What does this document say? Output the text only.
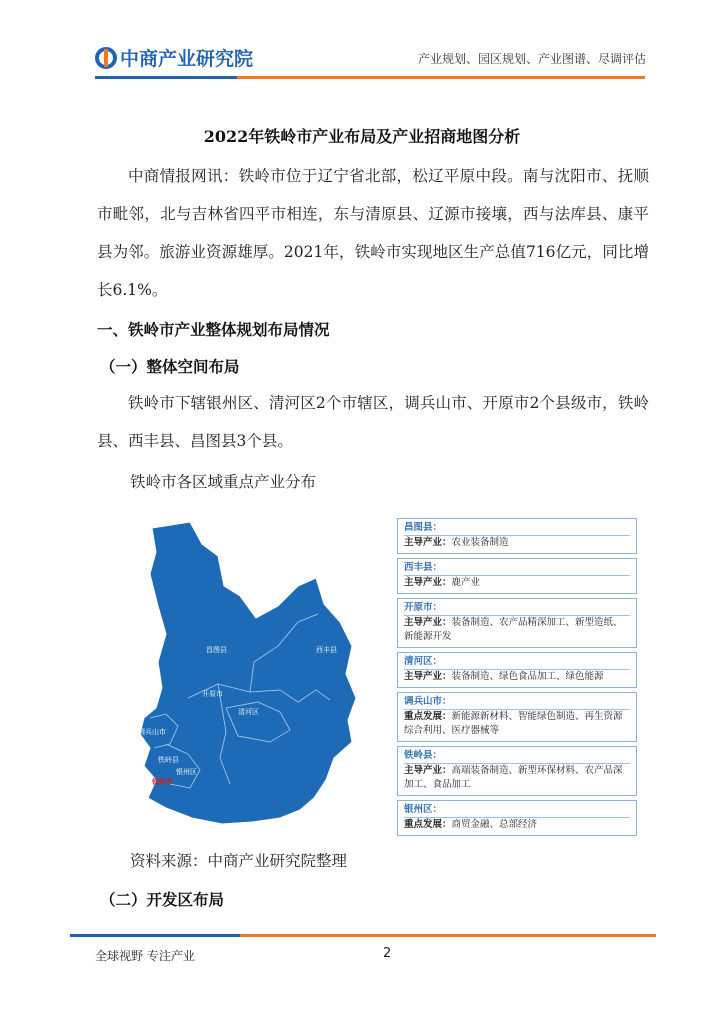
中商产业研究院	产业规划、园区规划、产业图谱、尽调评估
2022年铁岭市产业布局及产业招商地图分析
中商情报网讯：铁岭市位于辽宁省北部，松辽平原中段。南与沈阳市、抚顺市毗邻，北与吉林省四平市相连，东与清原县、辽源市接壤，西与法库县、康平县为邻。旅游业资源雄厚。2021年，铁岭市实现地区生产总值716亿元，同比增长6.1%。
一、铁岭市产业整体规划布局情况
（一）整体空间布局
铁岭市下辖银州区、清河区2个市辖区，调兵山市、开原市2个县级市，铁岭县、西丰县、昌图县3个县。
铁岭市各区域重点产业分布
昌图县	西丰县
开原市
清河区
调兵山市
铁岭县
银州区
铁岭市
昌图县：
主导产业：农业装备制造
西丰县：
主导产业：鹿产业
开原市：
主导产业：装备制造、农产品精深加工、新型造纸、新能源开发
清河区：
主导产业：装备制造、绿色食品加工、绿色能源
调兵山市：
重点发展：新能源新材料、智能绿色制造、再生资源综合利用、医疗器械等
铁岭县：
主导产业：高端装备制造、新型环保材料、农产品深加工、食品加工
银州区：
重点发展：商贸金融、总部经济
资料来源：中商产业研究院整理
（二）开发区布局
全球视野 专注产业	2
